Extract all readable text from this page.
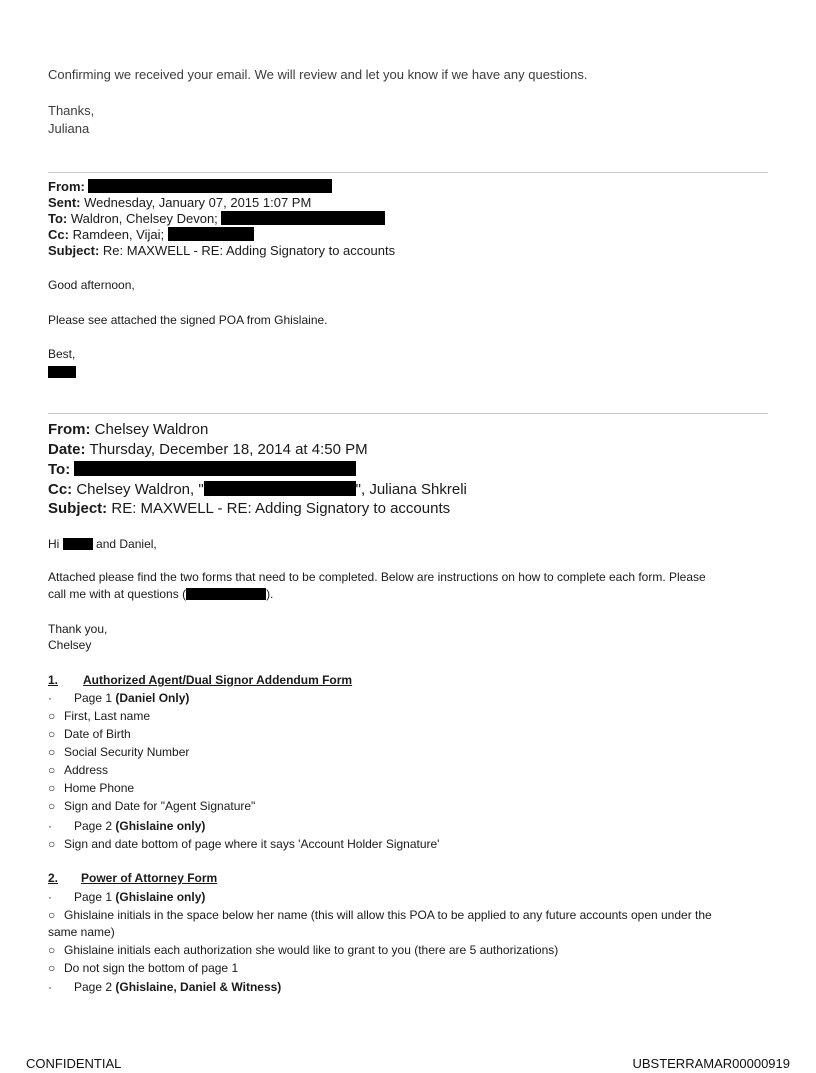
Confirming we received your email. We will review and let you know if we have any questions.
Thanks,
Juliana
From:
Sent: Wednesday, January 07, 2015 1:07 PM
To: Waldron, Chelsey Devon;
Cc: Ramdeen, Vijai;
Subject: Re: MAXWELL - RE: Adding Signatory to accounts
Good afternoon,
Please see attached the signed POA from Ghislaine.
Best,
From: Chelsey Waldron
Date: Thursday, December 18, 2014 at 4:50 PM
To:
Cc: Chelsey Waldron, "	", Juliana Shkreli
Subject: RE: MAXWELL - RE: Adding Signatory to accounts
Hi	and Daniel,
Attached please find the two forms that need to be completed. Below are instructions on how to complete each form. Please
call me with at questions (	).
Thank you,
Chelsey
1. Authorized Agent/Dual Signor Addendum Form
· Page 1 (Daniel Only)
○ First, Last name
○ Date of Birth
○ Social Security Number
○ Address
○ Home Phone
○ Sign and Date for "Agent Signature"
· Page 2 (Ghislaine only)
○ Sign and date bottom of page where it says 'Account Holder Signature'
2. Power of Attorney Form
· Page 1 (Ghislaine only)
○ Ghislaine initials in the space below her name (this will allow this POA to be applied to any future accounts open under the
same name)
○ Ghislaine initials each authorization she would like to grant to you (there are 5 authorizations)
○ Do not sign the bottom of page 1
· Page 2 (Ghislaine, Daniel & Witness)
CONFIDENTIAL	UBSTERRAMAR00000919
